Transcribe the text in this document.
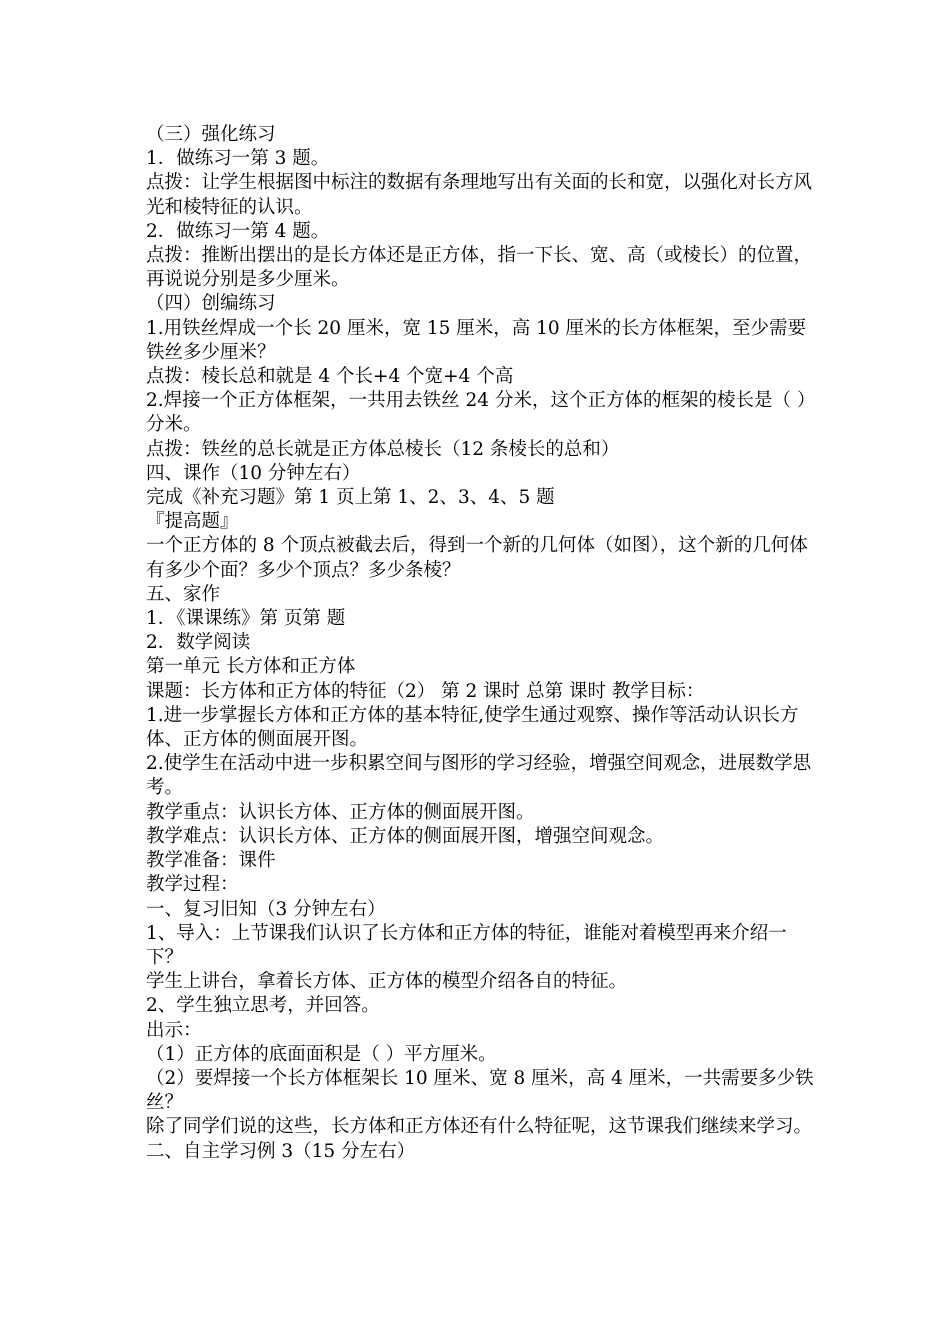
（三）强化练习

1．做练习一第 3 题。

点拨：让学生根据图中标注的数据有条理地写出有关面的长和宽，以强化对长方风光和棱特征的认识。

2．做练习一第 4 题。

点拨：推断出摆出的是长方体还是正方体，指一下长、宽、高（或棱长）的位置，再说说分别是多少厘米。

（四）创编练习

1.用铁丝焊成一个长 20 厘米，宽 15 厘米，高 10 厘米的长方体框架，至少需要铁丝多少厘米？

点拨：棱长总和就是 4 个长+4 个宽+4 个高

2.焊接一个正方体框架，一共用去铁丝 24 分米，这个正方体的框架的棱长是（ ）分米。

点拨：铁丝的总长就是正方体总棱长（12 条棱长的总和）

四、课作（10 分钟左右）

完成《补充习题》第 1 页上第 1、2、3、4、5 题

『提高题』

一个正方体的 8 个顶点被截去后，得到一个新的几何体（如图），这个新的几何体有多少个面？多少个顶点？多少条棱？

五、家作

1．《课课练》第 页第 题

2．数学阅读

第一单元 长方体和正方体

课题：长方体和正方体的特征（2） 第 2 课时 总第 课时 教学目标：

1.进一步掌握长方体和正方体的基本特征,使学生通过观察、操作等活动认识长方体、正方体的侧面展开图。

2.使学生在活动中进一步积累空间与图形的学习经验，增强空间观念，进展数学思考。

教学重点：认识长方体、正方体的侧面展开图。

教学难点：认识长方体、正方体的侧面展开图，增强空间观念。

教学准备：课件

教学过程：

一、复习旧知（3 分钟左右）

1、导入：上节课我们认识了长方体和正方体的特征，谁能对着模型再来介绍一下？

学生上讲台，拿着长方体、正方体的模型介绍各自的特征。

2、学生独立思考，并回答。

出示：

（1）正方体的底面面积是（ ）平方厘米。

（2）要焊接一个长方体框架长 10 厘米、宽 8 厘米，高 4 厘米，一共需要多少铁丝？

除了同学们说的这些，长方体和正方体还有什么特征呢，这节课我们继续来学习。

二、自主学习例 3（15 分左右）
